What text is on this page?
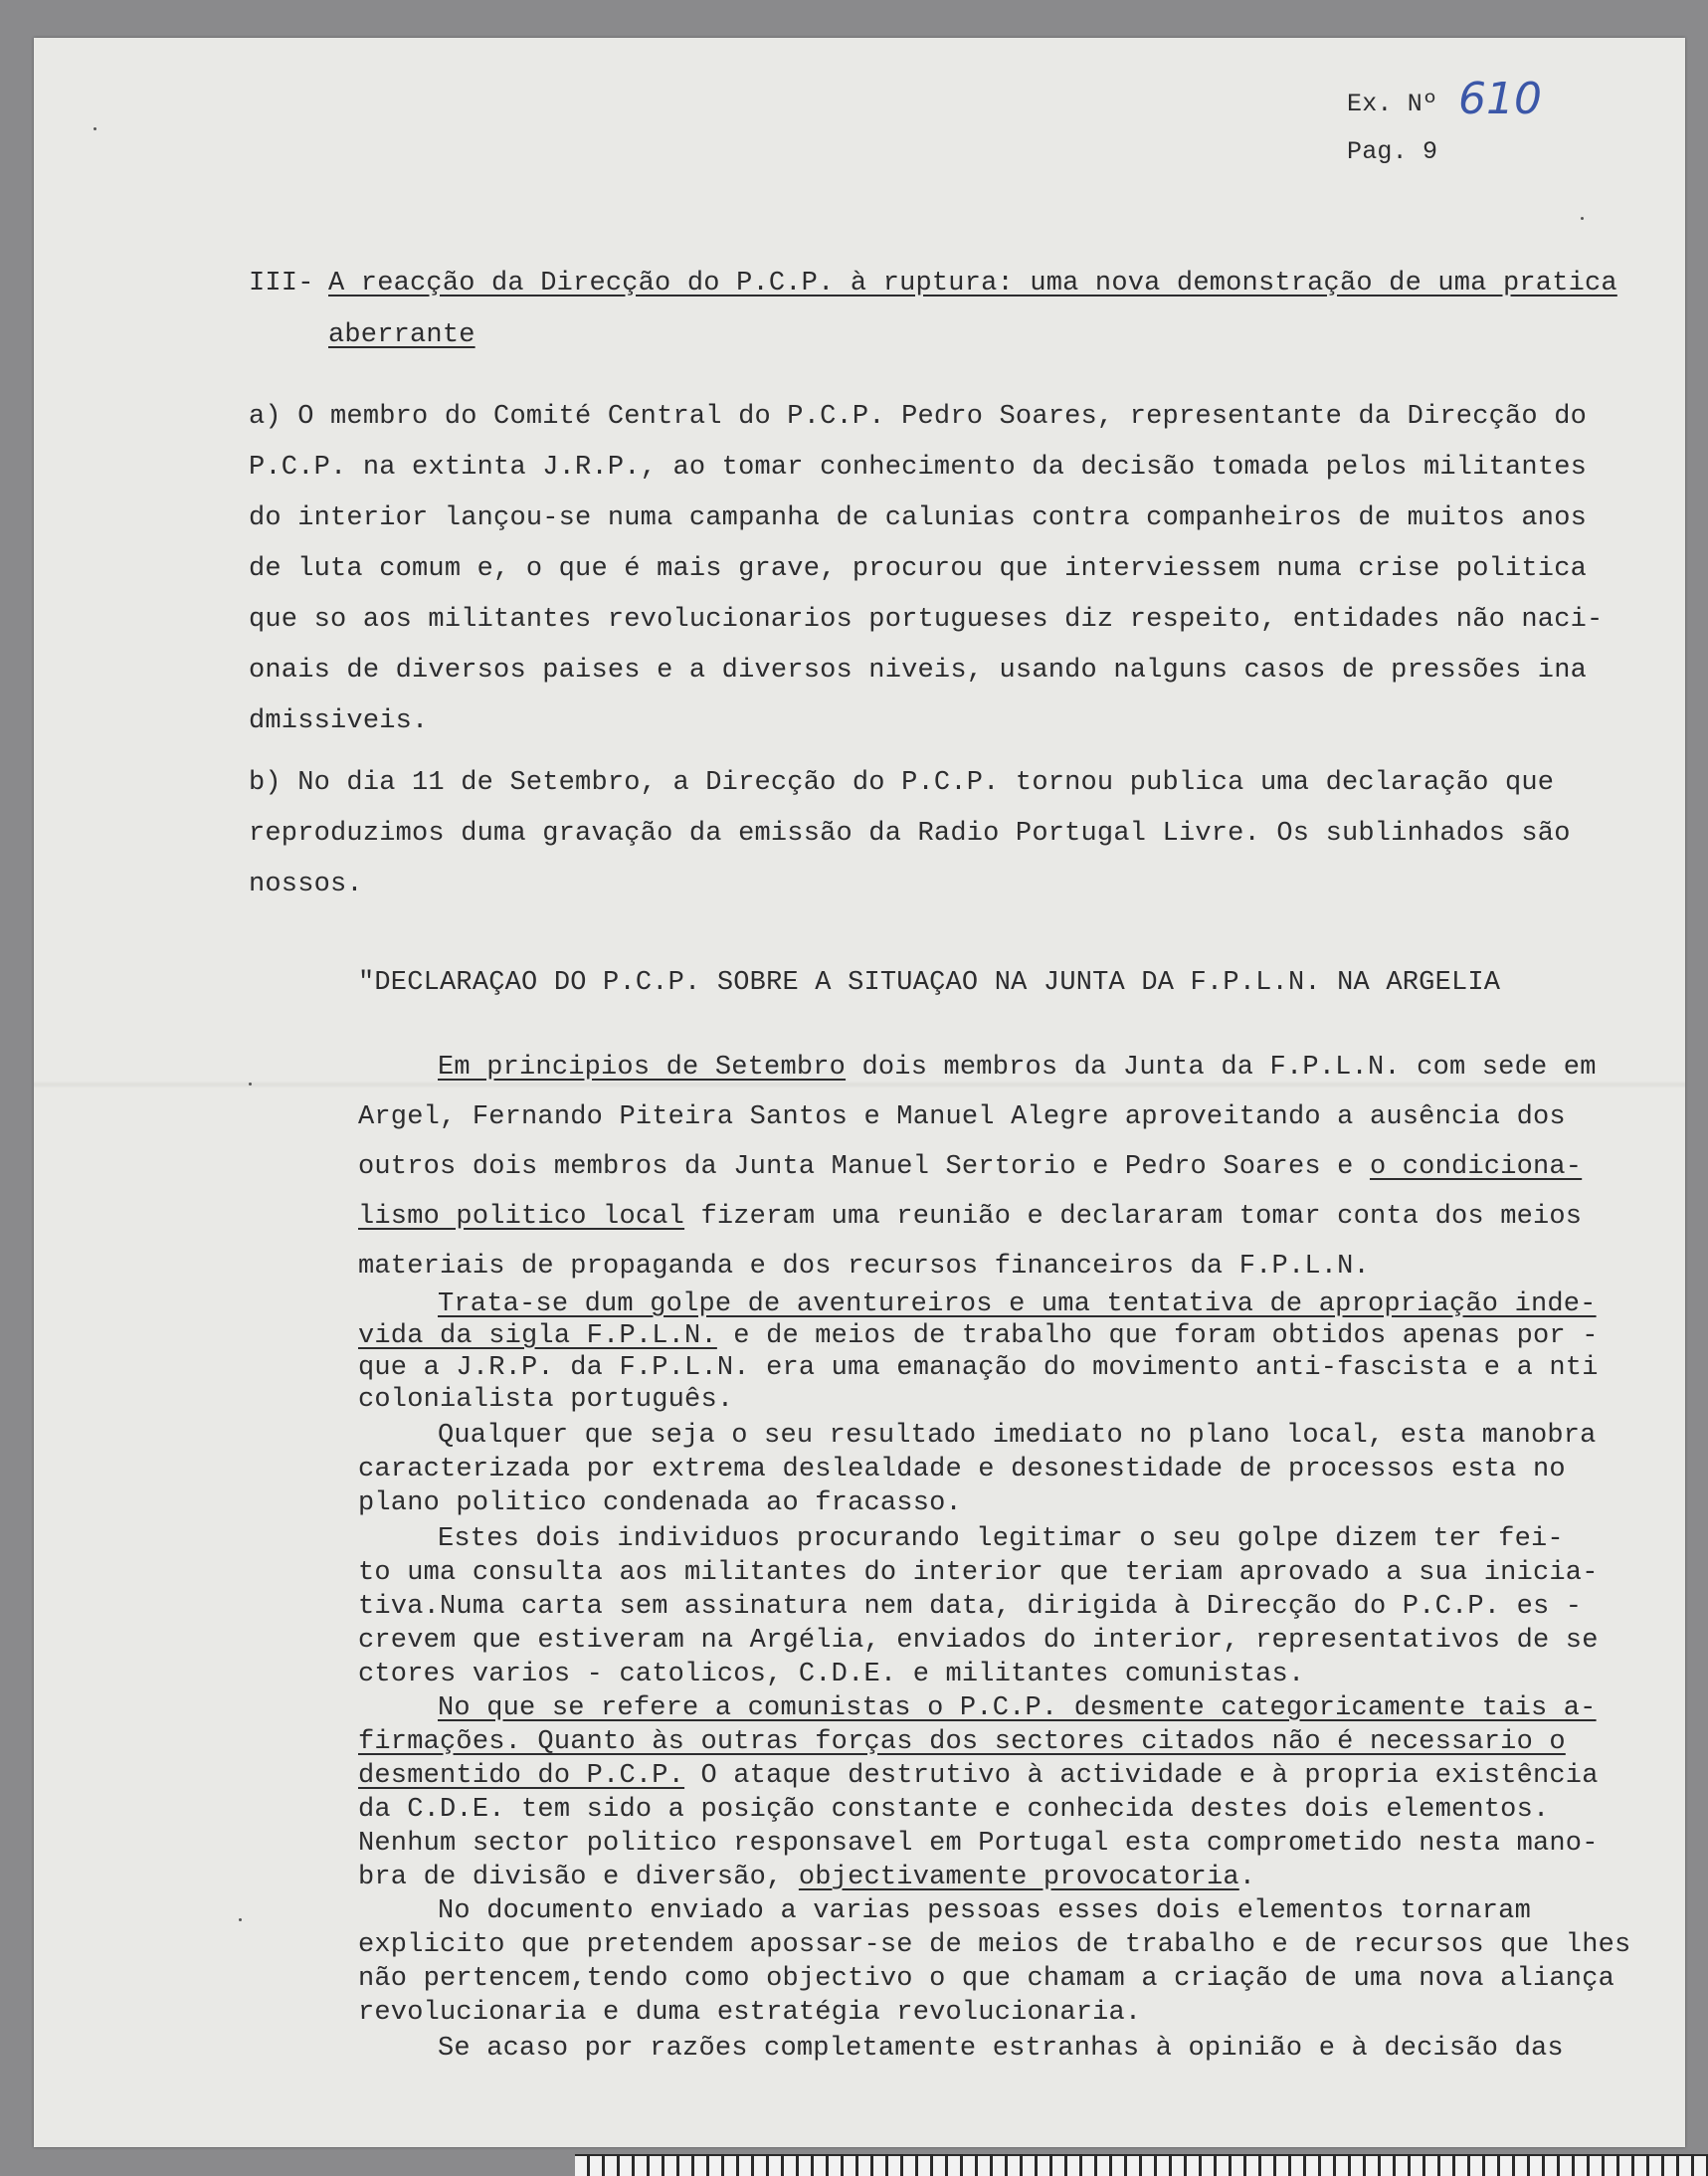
Ex. Nº 610
Pag. 9
III- A reacção da Direcção do P.C.P. à ruptura: uma nova demonstração de uma pratica
aberrante
a) O membro do Comité Central do P.C.P. Pedro Soares, representante da Direcção do
P.C.P. na extinta J.R.P., ao tomar conhecimento da decisão tomada pelos militantes
do interior lançou-se numa campanha de calunias contra companheiros de muitos anos
de luta comum e, o que é mais grave, procurou que interviessem numa crise politica
que so aos militantes revolucionarios portugueses diz respeito, entidades não naci-
onais de diversos paises e a diversos niveis, usando nalguns casos de pressões ina
dmissiveis.
b) No dia 11 de Setembro, a Direcção do P.C.P. tornou publica uma declaração que
reproduzimos duma gravação da emissão da Radio Portugal Livre. Os sublinhados são
nossos.
"DECLARAÇAO DO P.C.P. SOBRE A SITUAÇAO NA JUNTA DA F.P.L.N. NA ARGELIA
Em principios de Setembro dois membros da Junta da F.P.L.N. com sede em
Argel, Fernando Piteira Santos e Manuel Alegre aproveitando a ausência dos
outros dois membros da Junta Manuel Sertorio e Pedro Soares e o condiciona-
lismo politico local fizeram uma reunião e declararam tomar conta dos meios
materiais de propaganda e dos recursos financeiros da F.P.L.N.
Trata-se dum golpe de aventureiros e uma tentativa de apropriação inde-
vida da sigla F.P.L.N. e de meios de trabalho que foram obtidos apenas por -
que a J.R.P. da F.P.L.N. era uma emanação do movimento anti-fascista e a nti
colonialista português.
Qualquer que seja o seu resultado imediato no plano local, esta manobra
caracterizada por extrema deslealdade e desonestidade de processos esta no
plano politico condenada ao fracasso.
Estes dois individuos procurando legitimar o seu golpe dizem ter fei-
to uma consulta aos militantes do interior que teriam aprovado a sua inicia-
tiva.Numa carta sem assinatura nem data, dirigida à Direcção do P.C.P. es -
crevem que estiveram na Argélia, enviados do interior, representativos de se
ctores varios - catolicos, C.D.E. e militantes comunistas.
No que se refere a comunistas o P.C.P. desmente categoricamente tais a-
firmações. Quanto às outras forças dos sectores citados não é necessario o
desmentido do P.C.P. O ataque destrutivo à actividade e à propria existência
da C.D.E. tem sido a posição constante e conhecida destes dois elementos.
Nenhum sector politico responsavel em Portugal esta comprometido nesta mano-
bra de divisão e diversão, objectivamente provocatoria.
No documento enviado a varias pessoas esses dois elementos tornaram
explicito que pretendem apossar-se de meios de trabalho e de recursos que lhes
não pertencem,tendo como objectivo o que chamam a criação de uma nova aliança
revolucionaria e duma estratégia revolucionaria.
Se acaso por razões completamente estranhas à opinião e à decisão das
